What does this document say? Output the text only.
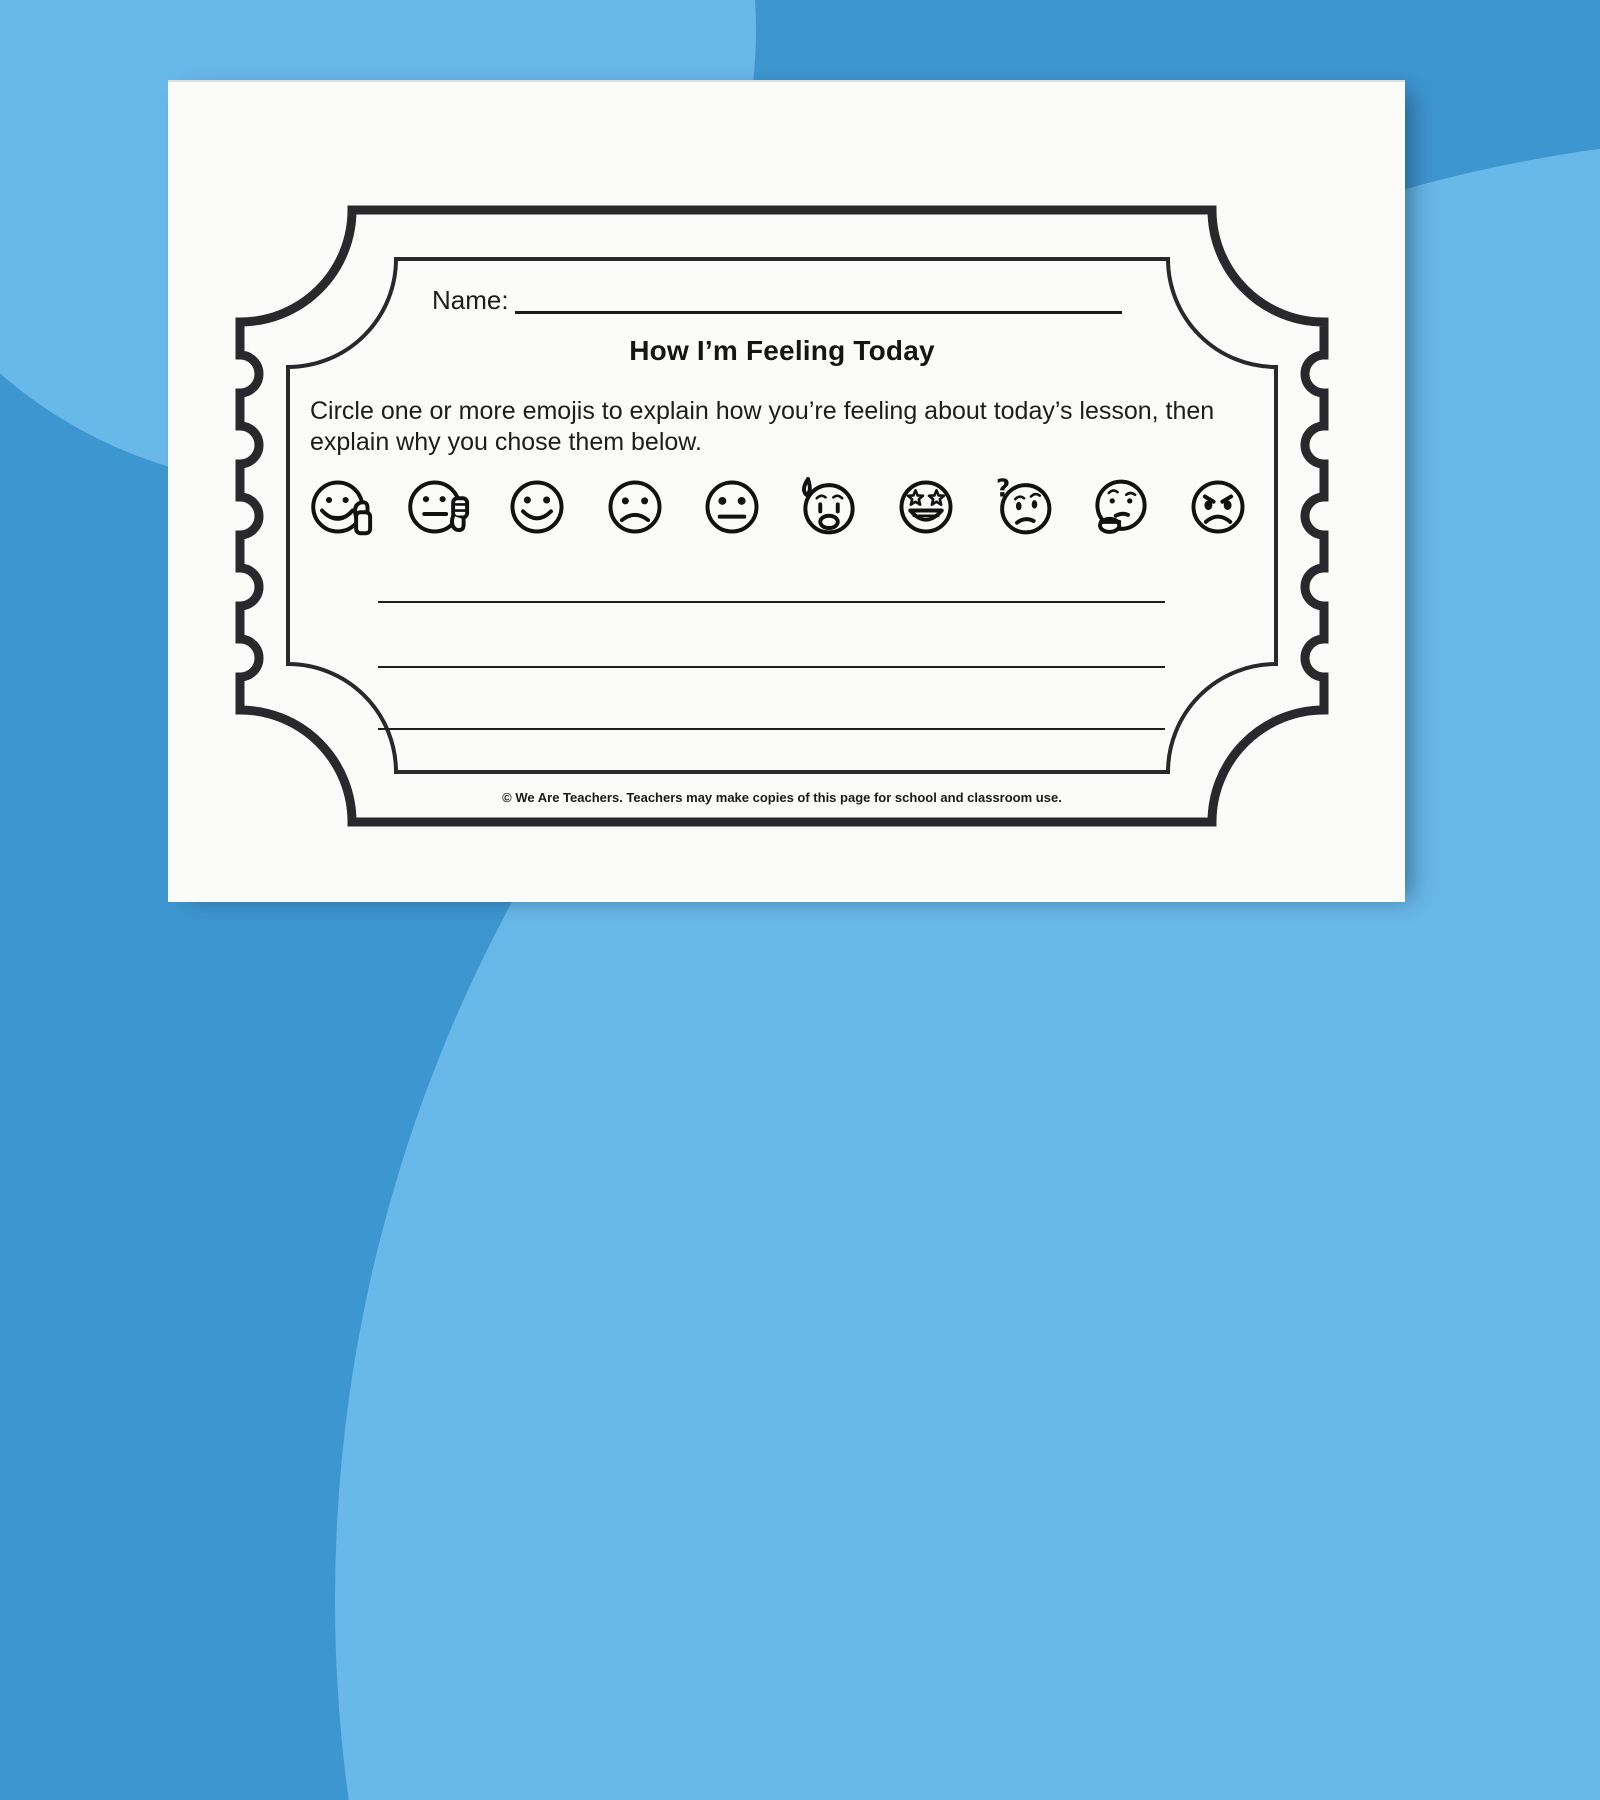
Name:
How I’m Feeling Today
Circle one or more emojis to explain how you’re feeling about today’s lesson, then
explain why you chose them below.
?
© We Are Teachers. Teachers may make copies of this page for school and classroom use.
